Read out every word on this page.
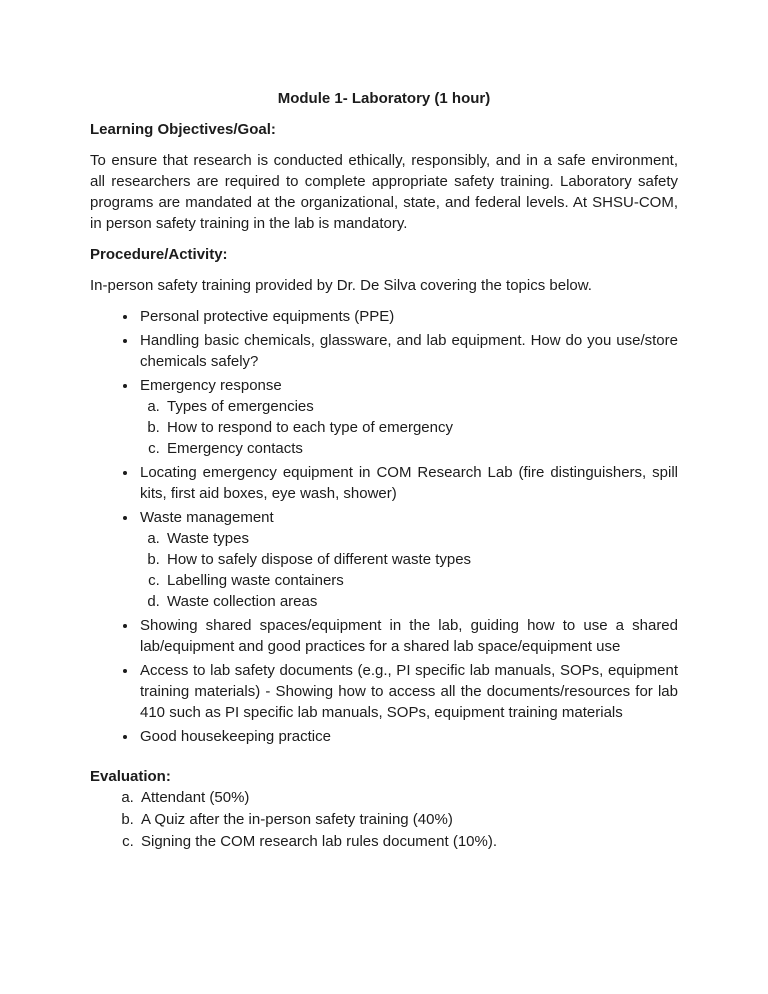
Module 1- Laboratory (1 hour)
Learning Objectives/Goal:

To ensure that research is conducted ethically, responsibly, and in a safe environment, all researchers are required to complete appropriate safety training. Laboratory safety programs are mandated at the organizational, state, and federal levels. At SHSU-COM, in person safety training in the lab is mandatory.

Procedure/Activity:

In-person safety training provided by Dr. De Silva covering the topics below.

• Personal protective equipments (PPE)
• Handling basic chemicals, glassware, and lab equipment. How do you use/store chemicals safely?
• Emergency response
a. Types of emergencies
b. How to respond to each type of emergency
c. Emergency contacts
• Locating emergency equipment in COM Research Lab (fire distinguishers, spill kits, first aid boxes, eye wash, shower)
• Waste management
a. Waste types
b. How to safely dispose of different waste types
c. Labelling waste containers
d. Waste collection areas
• Showing shared spaces/equipment in the lab, guiding how to use a shared lab/equipment and good practices for a shared lab space/equipment use
• Access to lab safety documents (e.g., PI specific lab manuals, SOPs, equipment training materials) - Showing how to access all the documents/resources for lab 410 such as PI specific lab manuals, SOPs, equipment training materials
• Good housekeeping practice
Evaluation:
a. Attendant (50%)
b. A Quiz after the in-person safety training (40%)
c. Signing the COM research lab rules document (10%).
